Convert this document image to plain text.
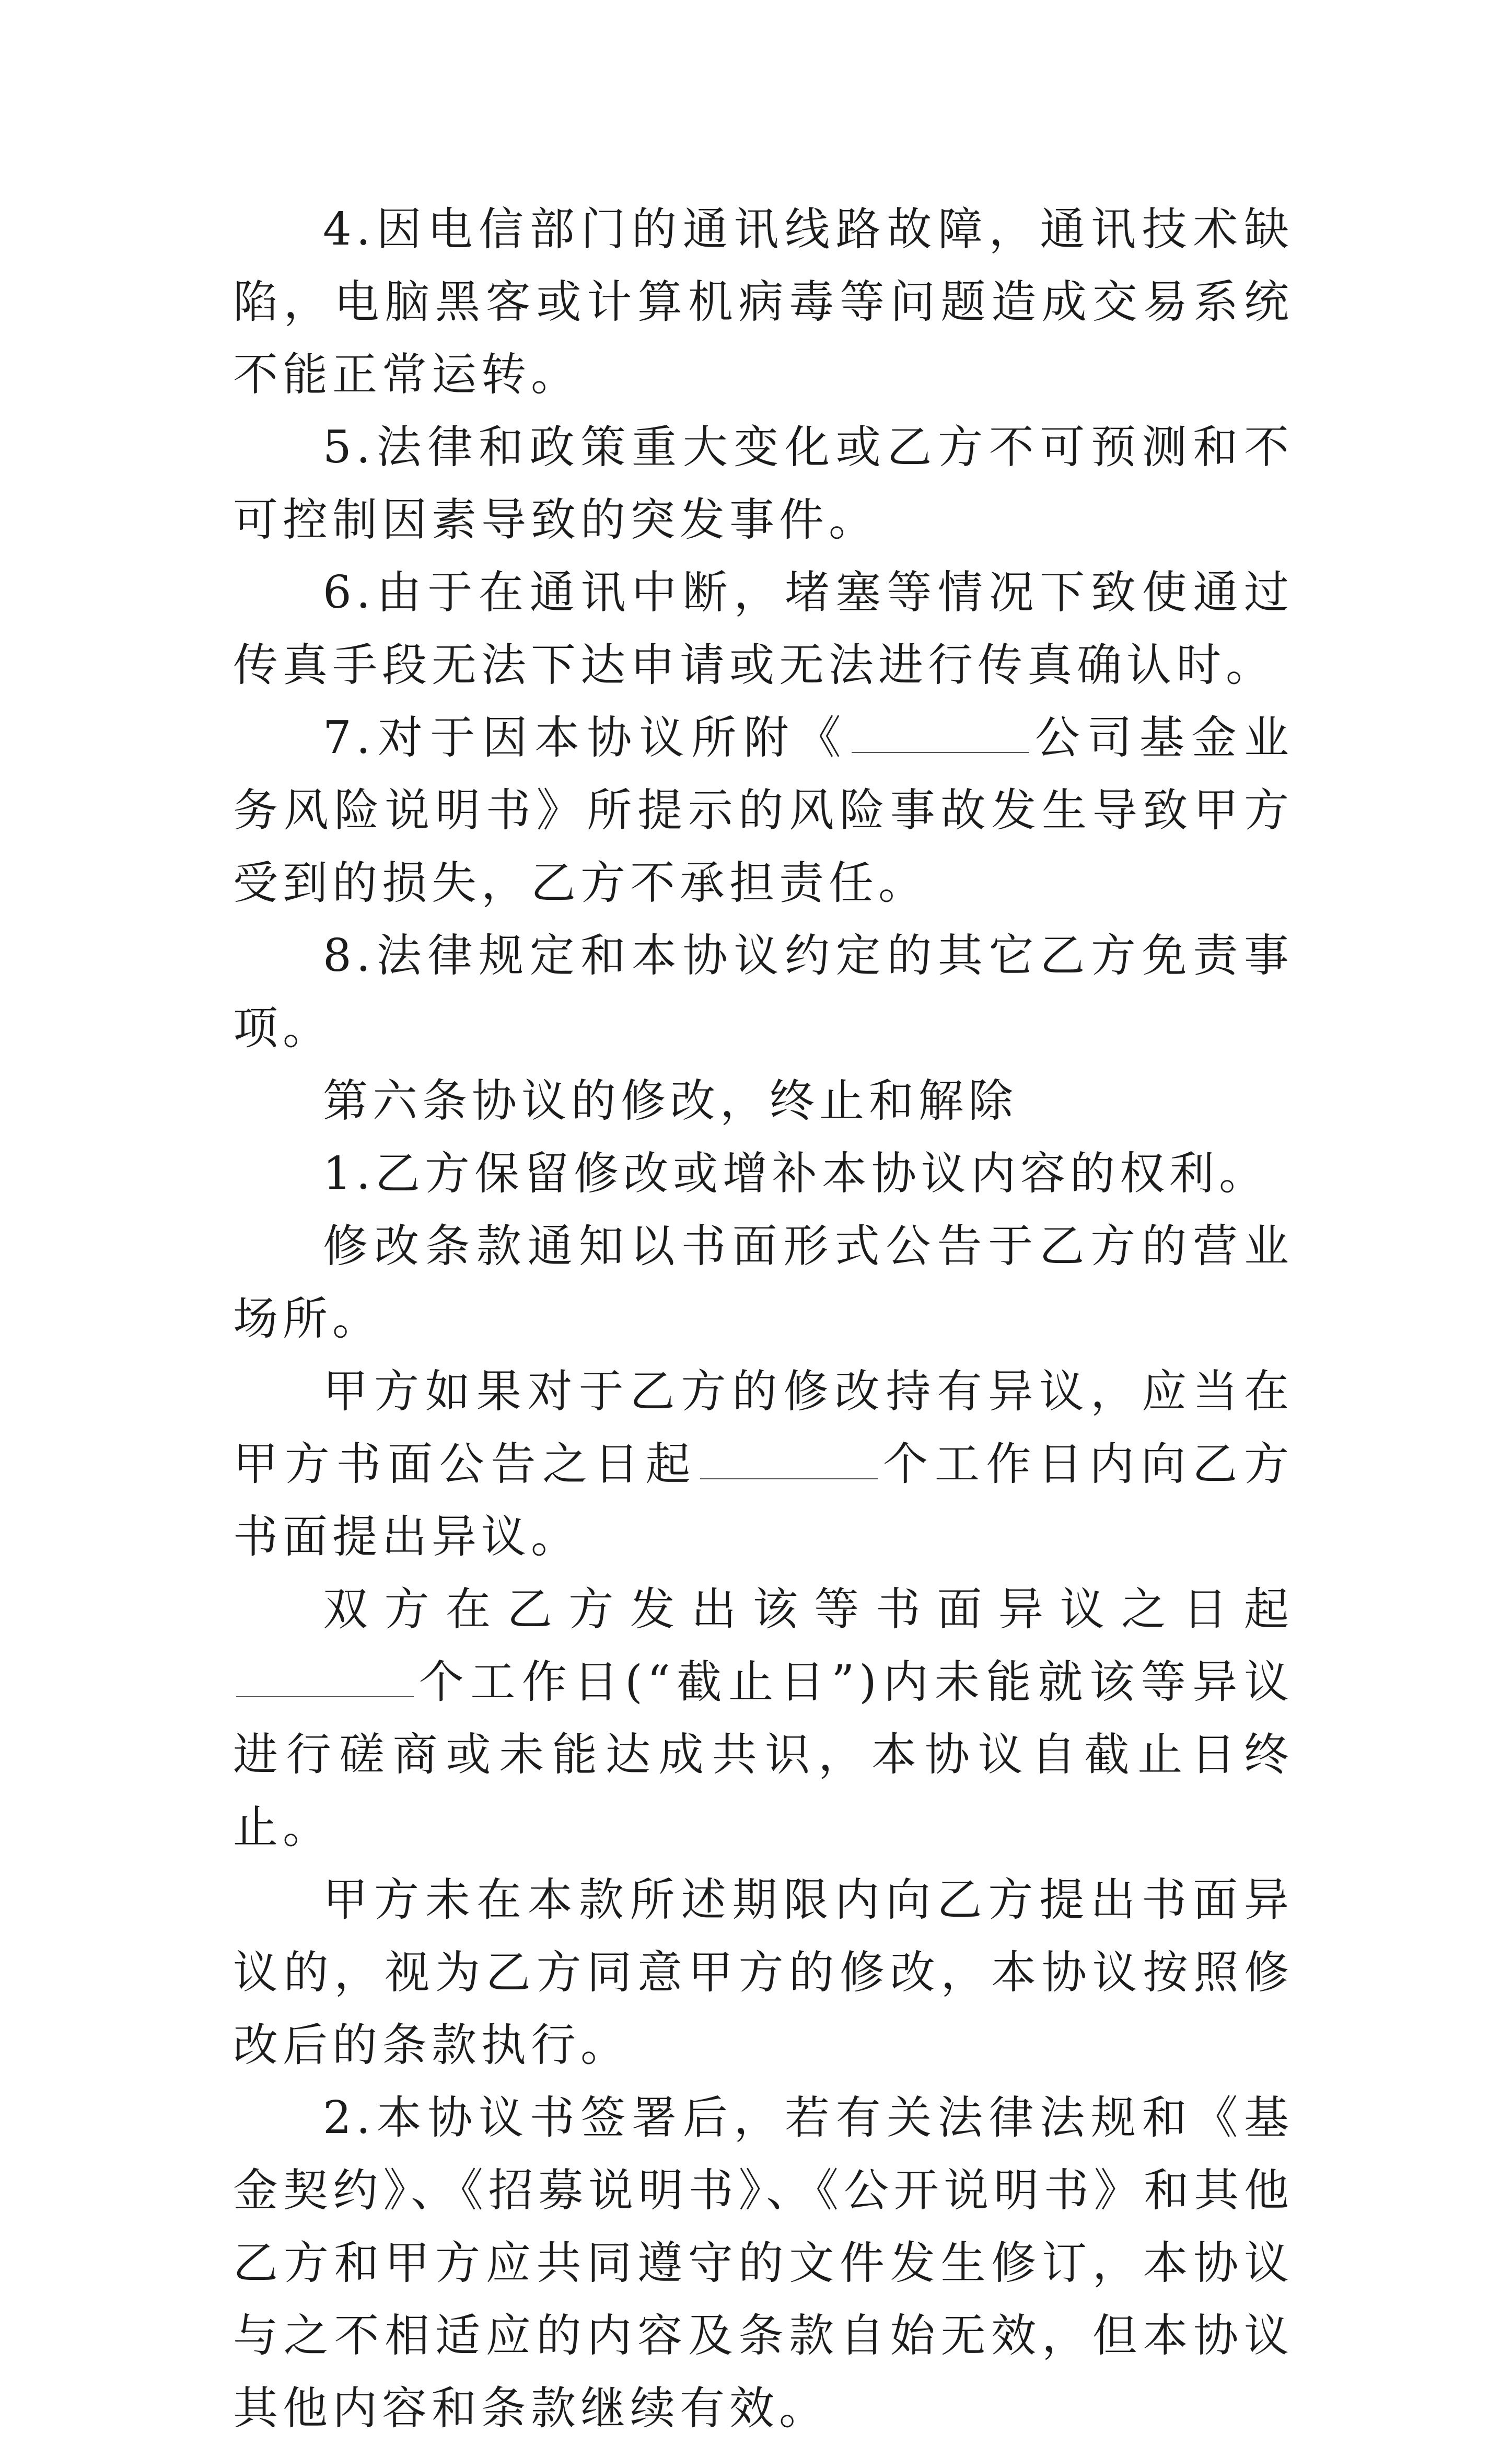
4.因电信部门的通讯线路故障，通讯技术缺陷，电脑黑客或计算机病毒等问题造成交易系统不能正常运转。

5.法律和政策重大变化或乙方不可预测和不可控制因素导致的突发事件。

6.由于在通讯中断，堵塞等情况下致使通过传真手段无法下达申请或无法进行传真确认时。

7.对于因本协议所附《	公司基金业务风险说明书》所提示的风险事故发生导致甲方受到的损失，乙方不承担责任。

8.法律规定和本协议约定的其它乙方免责事项。

第六条协议的修改，终止和解除

1.乙方保留修改或增补本协议内容的权利。

修改条款通知以书面形式公告于乙方的营业场所。

甲方如果对于乙方的修改持有异议，应当在甲方书面公告之日起	个工作日内向乙方书面提出异议。

双方在乙方发出该等书面异议之日起个工作日(“截止日”)内未能就该等异议进行磋商或未能达成共识，本协议自截止日终止。

甲方未在本款所述期限内向乙方提出书面异议的，视为乙方同意甲方的修改，本协议按照修改后的条款执行。

2.本协议书签署后，若有关法律法规和《基金契约》、《招募说明书》、《公开说明书》和其他乙方和甲方应共同遵守的文件发生修订，本协议与之不相适应的内容及条款自始无效，但本协议其他内容和条款继续有效。
